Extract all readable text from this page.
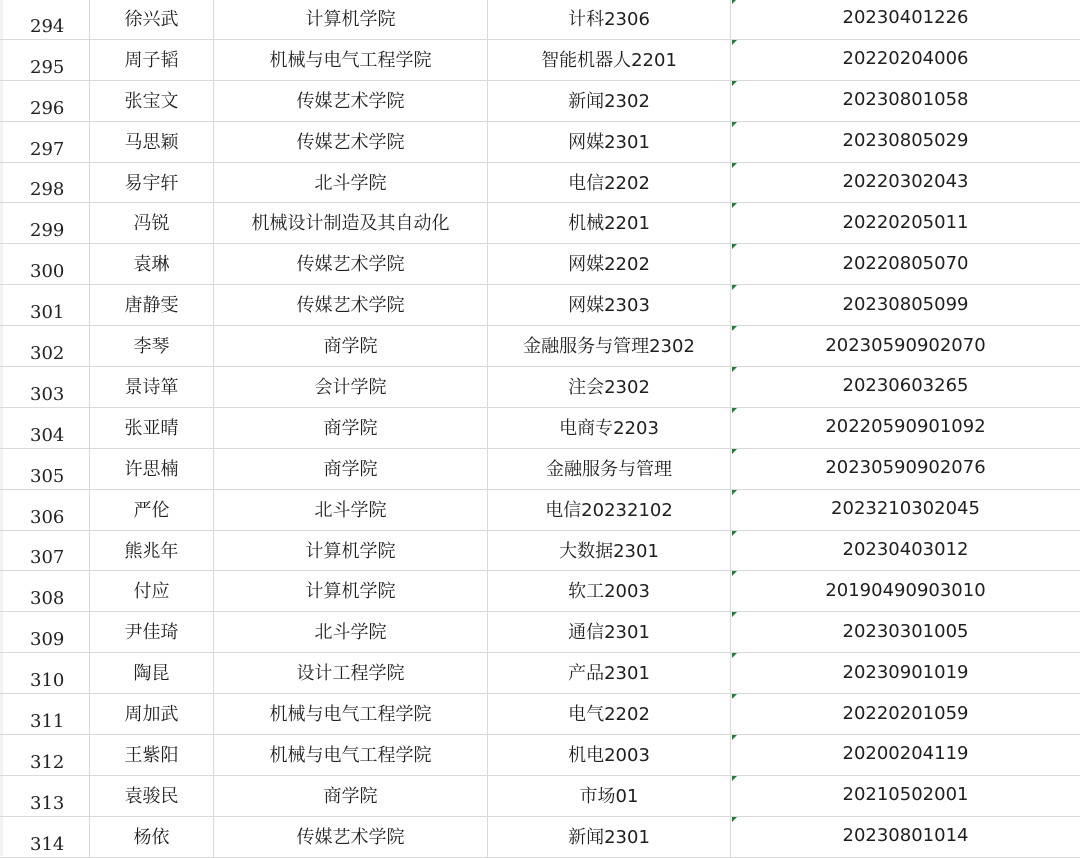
294	徐兴武	计算机学院	计科2306	20230401226
295	周子韬	机械与电气工程学院	智能机器人2201	20220204006
296	张宝文	传媒艺术学院	新闻2302	20230801058
297	马思颖	传媒艺术学院	网媒2301	20230805029
298	易宇轩	北斗学院	电信2202	20220302043
299	冯锐	机械设计制造及其自动化	机械2201	20220205011
300	袁琳	传媒艺术学院	网媒2202	20220805070
301	唐静雯	传媒艺术学院	网媒2303	20230805099
302	李琴	商学院	金融服务与管理2302	20230590902070
303	景诗箪	会计学院	注会2302	20230603265
304	张亚晴	商学院	电商专2203	20220590901092
305	许思楠	商学院	金融服务与管理	20230590902076
306	严伦	北斗学院	电信20232102	2023210302045
307	熊兆年	计算机学院	大数据2301	20230403012
308	付应	计算机学院	软工2003	20190490903010
309	尹佳琦	北斗学院	通信2301	20230301005
310	陶昆	设计工程学院	产品2301	20230901019
311	周加武	机械与电气工程学院	电气2202	20220201059
312	王紫阳	机械与电气工程学院	机电2003	20200204119
313	袁骏民	商学院	市场01	20210502001
314	杨依	传媒艺术学院	新闻2301	20230801014
